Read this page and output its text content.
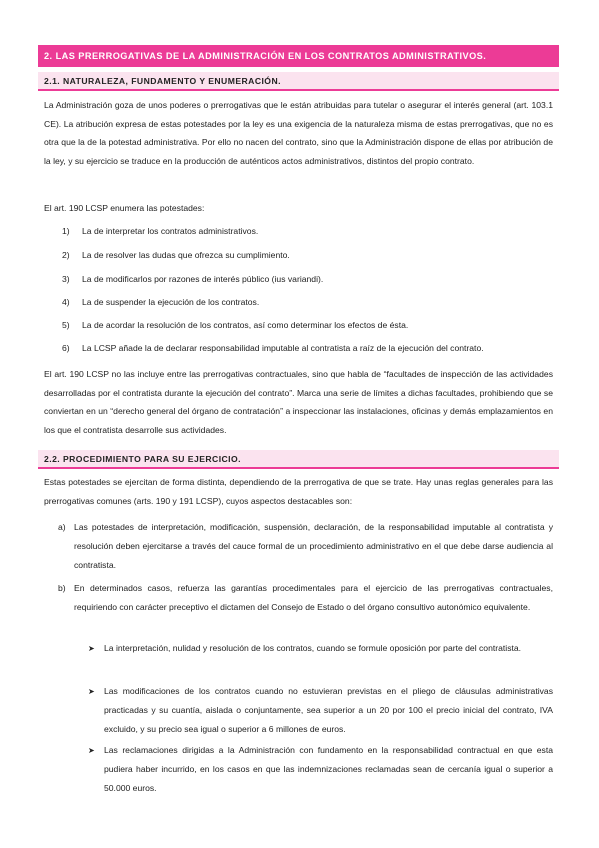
2. LAS PRERROGATIVAS DE LA ADMINISTRACIÓN EN LOS CONTRATOS ADMINISTRATIVOS.
2.1. NATURALEZA, FUNDAMENTO Y ENUMERACIÓN.

La Administración goza de unos poderes o prerrogativas que le están atribuidas para tutelar o asegurar el interés general (art. 103.1 CE). La atribución expresa de estas potestades por la ley es una exigencia de la naturaleza misma de estas prerrogativas, que no es otra que la de la potestad administrativa. Por ello no nacen del contrato, sino que la Administración dispone de ellas por atribución de la ley, y su ejercicio se traduce en la producción de auténticos actos administrativos, distintos del propio contrato.

El art. 190 LCSP enumera las potestades:

1) La de interpretar los contratos administrativos.
2) La de resolver las dudas que ofrezca su cumplimiento.
3) La de modificarlos por razones de interés público (ius variandi).
4) La de suspender la ejecución de los contratos.
5) La de acordar la resolución de los contratos, así como determinar los efectos de ésta.
6) La LCSP añade la de declarar responsabilidad imputable al contratista a raíz de la ejecución del contrato.

El art. 190 LCSP no las incluye entre las prerrogativas contractuales, sino que habla de “facultades de inspección de las actividades desarrolladas por el contratista durante la ejecución del contrato”. Marca una serie de límites a dichas facultades, prohibiendo que se conviertan en un “derecho general del órgano de contratación” a inspeccionar las instalaciones, oficinas y demás emplazamientos en los que el contratista desarrolle sus actividades.

2.2. PROCEDIMIENTO PARA SU EJERCICIO.

Estas potestades se ejercitan de forma distinta, dependiendo de la prerrogativa de que se trate. Hay unas reglas generales para las prerrogativas comunes (arts. 190 y 191 LCSP), cuyos aspectos destacables son:

a) Las potestades de interpretación, modificación, suspensión, declaración, de la responsabilidad imputable al contratista y resolución deben ejercitarse a través del cauce formal de un procedimiento administrativo en el que debe darse audiencia al contratista.
b) En determinados casos, refuerza las garantías procedimentales para el ejercicio de las prerrogativas contractuales, requiriendo con carácter preceptivo el dictamen del Consejo de Estado o del órgano consultivo autonómico equivalente.
➤ La interpretación, nulidad y resolución de los contratos, cuando se formule oposición por parte del contratista.
➤ Las modificaciones de los contratos cuando no estuvieran previstas en el pliego de cláusulas administrativas practicadas y su cuantía, aislada o conjuntamente, sea superior a un 20 por 100 el precio inicial del contrato, IVA excluido, y su precio sea igual o superior a 6 millones de euros.
➤ Las reclamaciones dirigidas a la Administración con fundamento en la responsabilidad contractual en que esta pudiera haber incurrido, en los casos en que las indemnizaciones reclamadas sean de cercanía igual o superior a 50.000 euros.
